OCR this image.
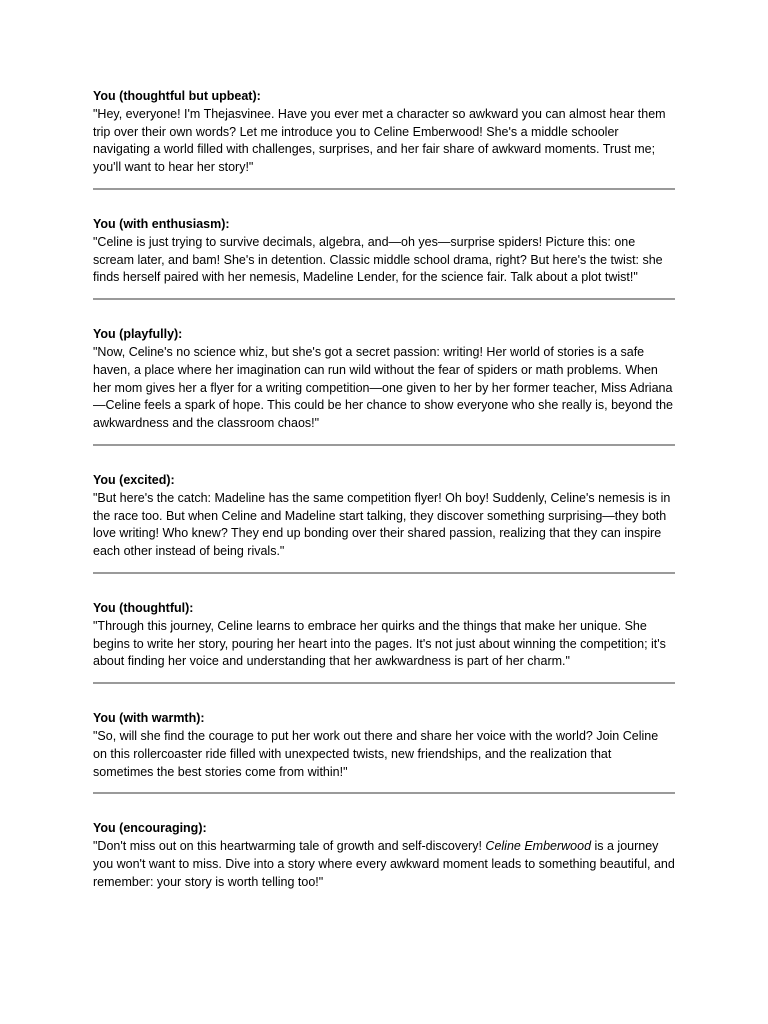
You (thoughtful but upbeat):

"Hey, everyone! I'm Thejasvinee. Have you ever met a character so awkward you can almost hear them trip over their own words? Let me introduce you to Celine Emberwood! She's a middle schooler navigating a world filled with challenges, surprises, and her fair share of awkward moments. Trust me; you'll want to hear her story!"

You (with enthusiasm):

"Celine is just trying to survive decimals, algebra, and—oh yes—surprise spiders! Picture this: one scream later, and bam! She's in detention. Classic middle school drama, right? But here's the twist: she finds herself paired with her nemesis, Madeline Lender, for the science fair. Talk about a plot twist!"

You (playfully):

"Now, Celine's no science whiz, but she's got a secret passion: writing! Her world of stories is a safe haven, a place where her imagination can run wild without the fear of spiders or math problems. When her mom gives her a flyer for a writing competition—one given to her by her former teacher, Miss Adriana—Celine feels a spark of hope. This could be her chance to show everyone who she really is, beyond the awkwardness and the classroom chaos!"

You (excited):

"But here's the catch: Madeline has the same competition flyer! Oh boy! Suddenly, Celine's nemesis is in the race too. But when Celine and Madeline start talking, they discover something surprising—they both love writing! Who knew? They end up bonding over their shared passion, realizing that they can inspire each other instead of being rivals."

You (thoughtful):

"Through this journey, Celine learns to embrace her quirks and the things that make her unique. She begins to write her story, pouring her heart into the pages. It's not just about winning the competition; it's about finding her voice and understanding that her awkwardness is part of her charm."

You (with warmth):

"So, will she find the courage to put her work out there and share her voice with the world? Join Celine on this rollercoaster ride filled with unexpected twists, new friendships, and the realization that sometimes the best stories come from within!"

You (encouraging):

"Don't miss out on this heartwarming tale of growth and self-discovery! Celine Emberwood is a journey you won't want to miss. Dive into a story where every awkward moment leads to something beautiful, and remember: your story is worth telling too!"
